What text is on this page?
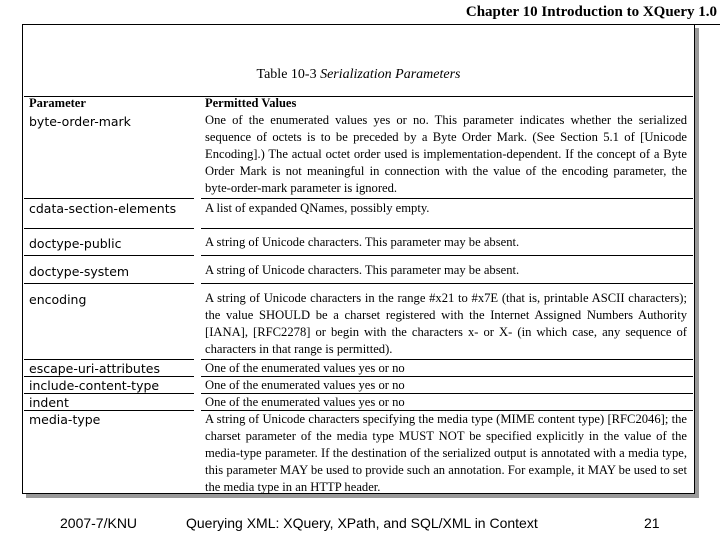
Chapter 10 Introduction to XQuery 1.0
Table 10-3 Serialization Parameters
Parameter	Permitted Values
byte-order-mark	One of the enumerated values yes or no. This parameter indicates whether the serialized sequence of octets is to be preceded by a Byte Order Mark. (See Section 5.1 of [Unicode Encoding].) The actual octet order used is implementation-dependent. If the concept of a Byte Order Mark is not meaningful in connection with the value of the encoding parameter, the byte-order-mark parameter is ignored.
cdata-section-elements A list of expanded QNames, possibly empty.
doctype-public	A string of Unicode characters. This parameter may be absent.
doctype-system	A string of Unicode characters. This parameter may be absent.
encoding	A string of Unicode characters in the range #x21 to #x7E (that is, printable ASCII characters); the value SHOULD be a charset registered with the Internet Assigned Numbers Authority [IANA], [RFC2278] or begin with the characters x- or X- (in which case, any sequence of characters in that range is permitted).
escape-uri-attributes	One of the enumerated values yes or no
include-content-type	One of the enumerated values yes or no
indent	One of the enumerated values yes or no
media-type	A string of Unicode characters specifying the media type (MIME content type) [RFC2046]; the charset parameter of the media type MUST NOT be specified explicitly in the value of the media-type parameter. If the destination of the serialized output is annotated with a media type, this parameter MAY be used to provide such an annotation. For example, it MAY be used to set the media type in an HTTP header.
2007-7/KNU	Querying XML: XQuery, XPath, and SQL/XML in Context	21
